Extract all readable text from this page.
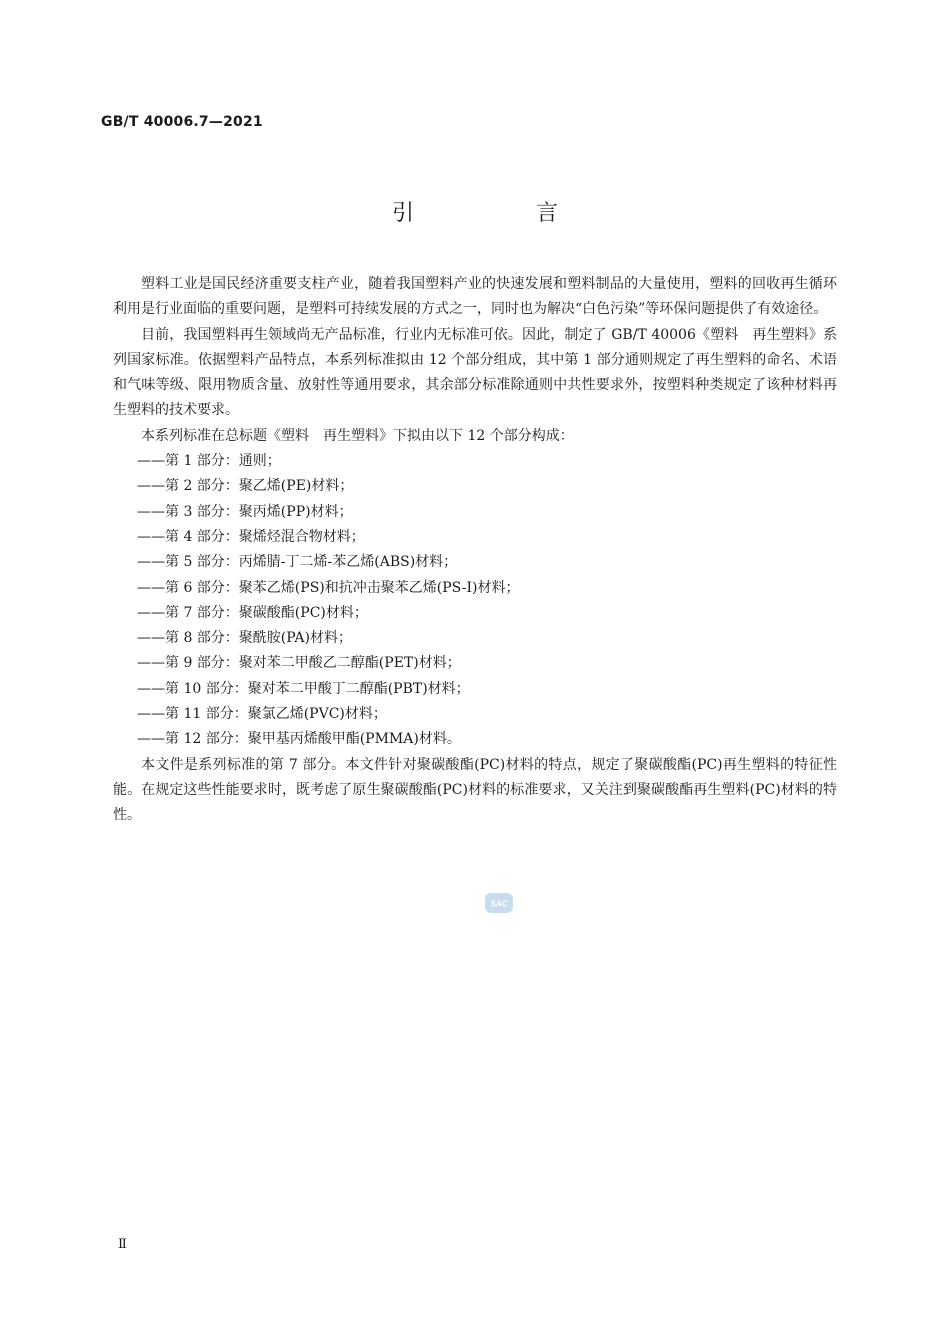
GB/T 40006.7—2021
引　言

塑料工业是国民经济重要支柱产业，随着我国塑料产业的快速发展和塑料制品的大量使用，塑料的回收再生循环利用是行业面临的重要问题，是塑料可持续发展的方式之一，同时也为解决“白色污染”等环保问题提供了有效途径。

目前，我国塑料再生领域尚无产品标准，行业内无标准可依。因此，制定了 GB/T 40006《塑料　再生塑料》系列国家标准。依据塑料产品特点，本系列标准拟由 12 个部分组成，其中第 1 部分通则规定了再生塑料的命名、术语和气味等级、限用物质含量、放射性等通用要求，其余部分标准除通则中共性要求外，按塑料种类规定了该种材料再生塑料的技术要求。

本系列标准在总标题《塑料　再生塑料》下拟由以下 12 个部分构成：

——第 1 部分：通则；
——第 2 部分：聚乙烯(PE)材料；
——第 3 部分：聚丙烯(PP)材料；
——第 4 部分：聚烯烃混合物材料；
——第 5 部分：丙烯腈-丁二烯-苯乙烯(ABS)材料；
——第 6 部分：聚苯乙烯(PS)和抗冲击聚苯乙烯(PS-I)材料；
——第 7 部分：聚碳酸酯(PC)材料；
——第 8 部分：聚酰胺(PA)材料；
——第 9 部分：聚对苯二甲酸乙二醇酯(PET)材料；
——第 10 部分：聚对苯二甲酸丁二醇酯(PBT)材料；
——第 11 部分：聚氯乙烯(PVC)材料；
——第 12 部分：聚甲基丙烯酸甲酯(PMMA)材料。

本文件是系列标准的第 7 部分。本文件针对聚碳酸酯(PC)材料的特点，规定了聚碳酸酯(PC)再生塑料的特征性能。在规定这些性能要求时，既考虑了原生聚碳酸酯(PC)材料的标准要求，又关注到聚碳酸酯再生塑料(PC)材料的特性。

SAC
Ⅱ
